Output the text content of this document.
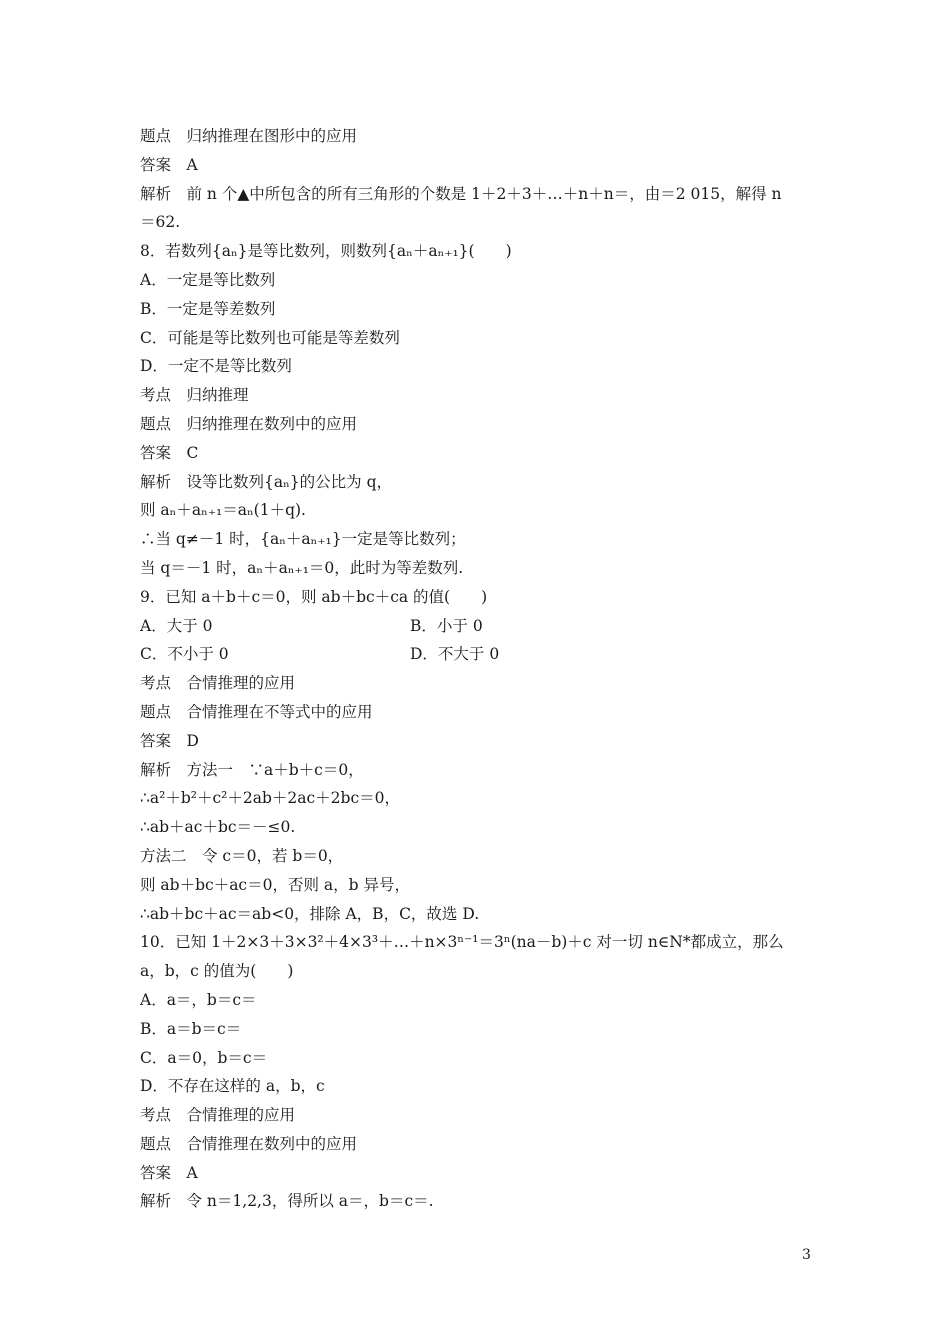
题点　归纳推理在图形中的应用
答案　A
解析　前 n 个▲中所包含的所有三角形的个数是 1＋2＋3＋…＋n＋n＝，由＝2 015，解得 n
＝62.
8．若数列{aₙ}是等比数列，则数列{aₙ＋aₙ₊₁}(　　)
A．一定是等比数列
B．一定是等差数列
C．可能是等比数列也可能是等差数列
D．一定不是等比数列
考点　归纳推理
题点　归纳推理在数列中的应用
答案　C
解析　设等比数列{aₙ}的公比为 q，
则 aₙ＋aₙ₊₁＝aₙ(1＋q).
∴当 q≠－1 时，{aₙ＋aₙ₊₁}一定是等比数列；
当 q＝－1 时，aₙ＋aₙ₊₁＝0，此时为等差数列.
9．已知 a＋b＋c＝0，则 ab＋bc＋ca 的值(　　)
A．大于 0	B．小于 0
C．不小于 0	D．不大于 0
考点　合情推理的应用
题点　合情推理在不等式中的应用
答案　D
解析　方法一　∵a＋b＋c＝0，
∴a²＋b²＋c²＋2ab＋2ac＋2bc＝0，
∴ab＋ac＋bc＝－≤0.
方法二　令 c＝0，若 b＝0，
则 ab＋bc＋ac＝0，否则 a，b 异号，
∴ab＋bc＋ac＝ab<0，排除 A，B，C，故选 D.
10．已知 1＋2×3＋3×3²＋4×3³＋…＋n×3ⁿ⁻¹＝3ⁿ(na－b)＋c 对一切 n∈N*都成立，那么
a，b，c 的值为(　　)
A．a＝，b＝c＝
B．a＝b＝c＝
C．a＝0，b＝c＝
D．不存在这样的 a，b，c
考点　合情推理的应用
题点　合情推理在数列中的应用
答案　A
解析　令 n＝1,2,3，得所以 a＝，b＝c＝.
3
